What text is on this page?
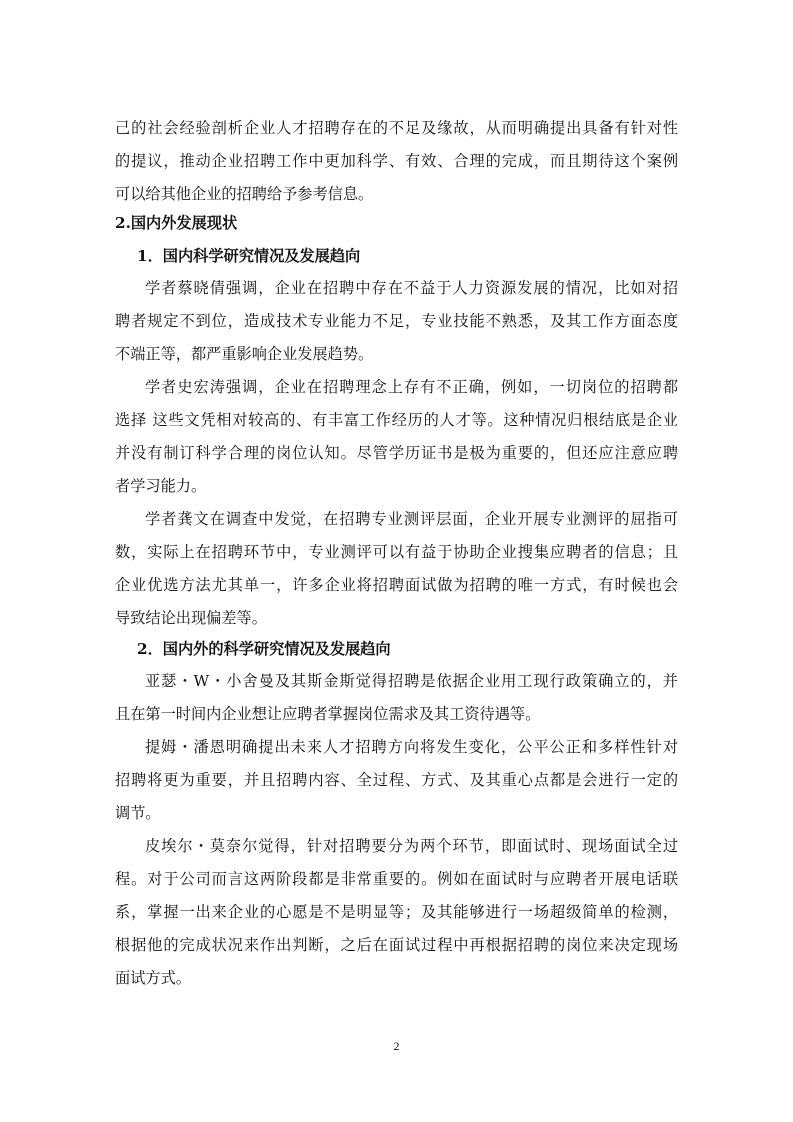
己的社会经验剖析企业人才招聘存在的不足及缘故，从而明确提出具备有针对性
的提议，推动企业招聘工作中更加科学、有效、合理的完成，而且期待这个案例
可以给其他企业的招聘给予参考信息。
2.国内外发展现状
1．国内科学研究情况及发展趋向
学者蔡晓倩强调，企业在招聘中存在不益于人力资源发展的情况，比如对招
聘者规定不到位，造成技术专业能力不足，专业技能不熟悉，及其工作方面态度
不端正等，都严重影响企业发展趋势。
学者史宏涛强调，企业在招聘理念上存有不正确，例如，一切岗位的招聘都
选择 这些文凭相对较高的、有丰富工作经历的人才等。这种情况归根结底是企业
并没有制订科学合理的岗位认知。尽管学历证书是极为重要的，但还应注意应聘
者学习能力。
学者龚文在调查中发觉，在招聘专业测评层面，企业开展专业测评的屈指可
数，实际上在招聘环节中，专业测评可以有益于协助企业搜集应聘者的信息；且
企业优选方法尤其单一，许多企业将招聘面试做为招聘的唯一方式，有时候也会
导致结论出现偏差等。
2．国内外的科学研究情况及发展趋向
亚瑟・W・小舍曼及其斯金斯觉得招聘是依据企业用工现行政策确立的，并
且在第一时间内企业想让应聘者掌握岗位需求及其工资待遇等。
提姆・潘恩明确提出未来人才招聘方向将发生变化，公平公正和多样性针对
招聘将更为重要，并且招聘内容、全过程、方式、及其重心点都是会进行一定的
调节。
皮埃尔・莫奈尔觉得，针对招聘要分为两个环节，即面试时、现场面试全过
程。对于公司而言这两阶段都是非常重要的。例如在面试时与应聘者开展电话联
系，掌握一出来企业的心愿是不是明显等；及其能够进行一场超级简单的检测，
根据他的完成状况来作出判断，之后在面试过程中再根据招聘的岗位来决定现场
面试方式。
2
